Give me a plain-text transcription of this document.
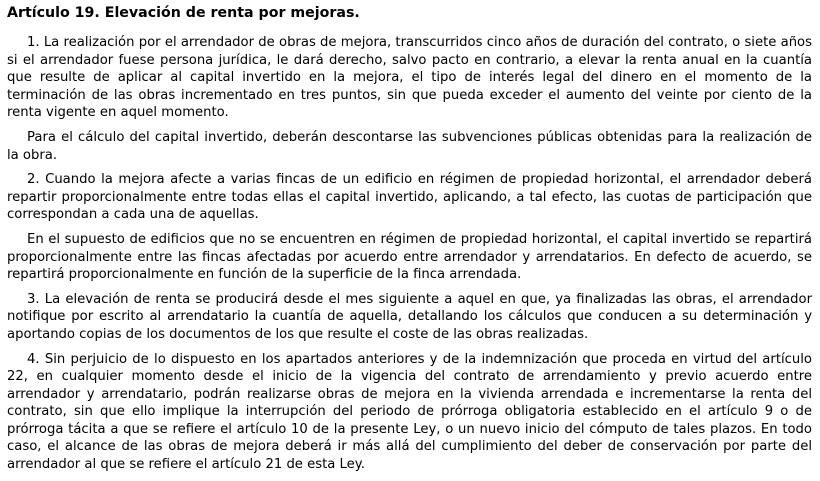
Artículo 19. Elevación de renta por mejoras.

1. La realización por el arrendador de obras de mejora, transcurridos cinco años de duración del contrato, o siete años si el arrendador fuese persona jurídica, le dará derecho, salvo pacto en contrario, a elevar la renta anual en la cuantía que resulte de aplicar al capital invertido en la mejora, el tipo de interés legal del dinero en el momento de la terminación de las obras incrementado en tres puntos, sin que pueda exceder el aumento del veinte por ciento de la renta vigente en aquel momento.

Para el cálculo del capital invertido, deberán descontarse las subvenciones públicas obtenidas para la realización de la obra.

2. Cuando la mejora afecte a varias fincas de un edificio en régimen de propiedad horizontal, el arrendador deberá repartir proporcionalmente entre todas ellas el capital invertido, aplicando, a tal efecto, las cuotas de participación que correspondan a cada una de aquellas.

En el supuesto de edificios que no se encuentren en régimen de propiedad horizontal, el capital invertido se repartirá proporcionalmente entre las fincas afectadas por acuerdo entre arrendador y arrendatarios. En defecto de acuerdo, se repartirá proporcionalmente en función de la superficie de la finca arrendada.

3. La elevación de renta se producirá desde el mes siguiente a aquel en que, ya finalizadas las obras, el arrendador notifique por escrito al arrendatario la cuantía de aquella, detallando los cálculos que conducen a su determinación y aportando copias de los documentos de los que resulte el coste de las obras realizadas.

4. Sin perjuicio de lo dispuesto en los apartados anteriores y de la indemnización que proceda en virtud del artículo 22, en cualquier momento desde el inicio de la vigencia del contrato de arrendamiento y previo acuerdo entre arrendador y arrendatario, podrán realizarse obras de mejora en la vivienda arrendada e incrementarse la renta del contrato, sin que ello implique la interrupción del periodo de prórroga obligatoria establecido en el artículo 9 o de prórroga tácita a que se refiere el artículo 10 de la presente Ley, o un nuevo inicio del cómputo de tales plazos. En todo caso, el alcance de las obras de mejora deberá ir más allá del cumplimiento del deber de conservación por parte del arrendador al que se refiere el artículo 21 de esta Ley.
